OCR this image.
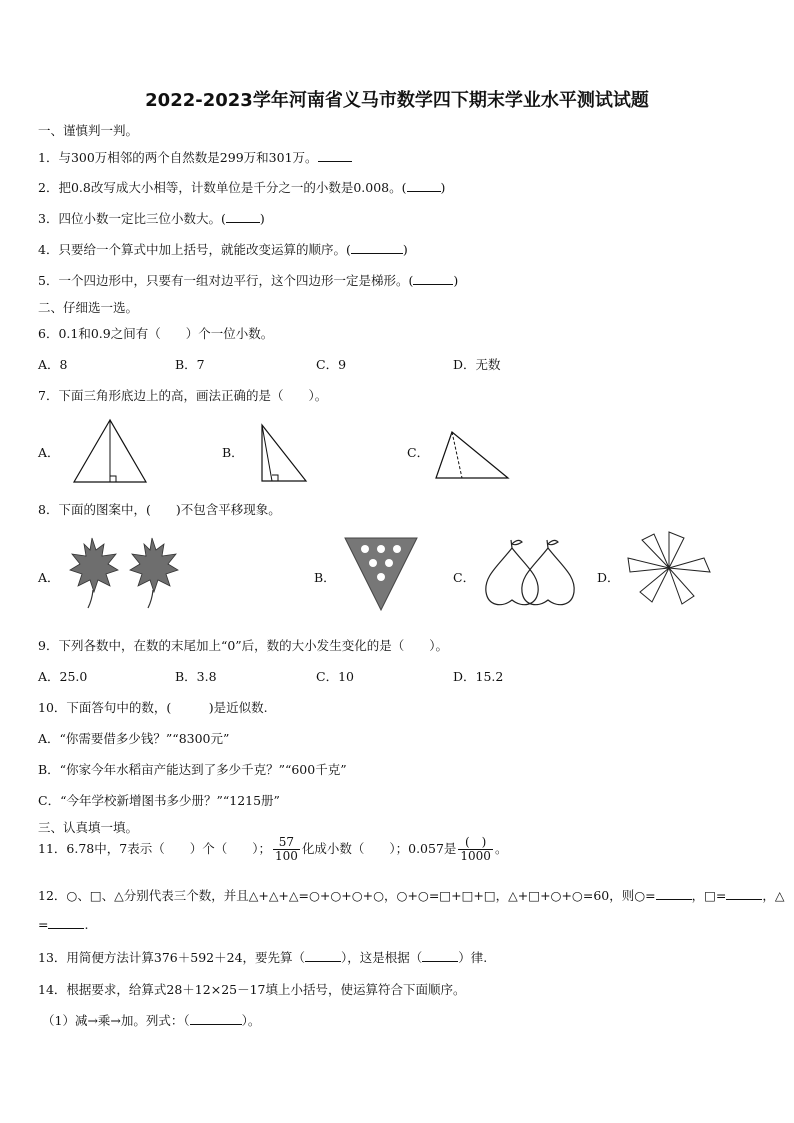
2022-2023学年河南省义马市数学四下期末学业水平测试试题
一、谨慎判一判。
1．与300万相邻的两个自然数是299万和301万。
2．把0.8改写成大小相等，计数单位是千分之一的小数是0.008。(	)
3．四位小数一定比三位小数大。(	)
4．只要给一个算式中加上括号，就能改变运算的顺序。(	)
5．一个四边形中，只要有一组对边平行，这个四边形一定是梯形。(	)
二、仔细选一选。
6．0.1和0.9之间有（　　）个一位小数。
A．8	B．7	C．9	D．无数
7．下面三角形底边上的高，画法正确的是（　　）。
A．	B．	C．
8．下面的图案中，(　　)不包含平移现象。
A．	B．	C．	D．
9．下列各数中，在数的末尾加上“0”后，数的大小发生变化的是（　　）。
A．25.0	B．3.8	C．10	D．15.2
10．下面答句中的数，(　　　)是近似数.
A．“你需要借多少钱？”“8300元”
B．“你家今年水稻亩产能达到了多少千克？”“600千克”
C．“今年学校新增图书多少册？”“1215册”
三、认真填一填。
11．6.78中，7表示（　　）个（　　）； $\frac{57}{100}$ 化成小数（　　）；0.057是 $\frac{( )}{1000}$ 。
12．○、□、△分别代表三个数，并且△+△+△=○+○+○+○，○+○=□+□+□，△+□+○+○=60，则○=	，□=	，△
=	.
13．用简便方法计算376＋592＋24，要先算（	），这是根据（	）律.
14．根据要求，给算式28＋12×25－17填上小括号，使运算符合下面顺序。
（1）减→乘→加。列式：（	）。
